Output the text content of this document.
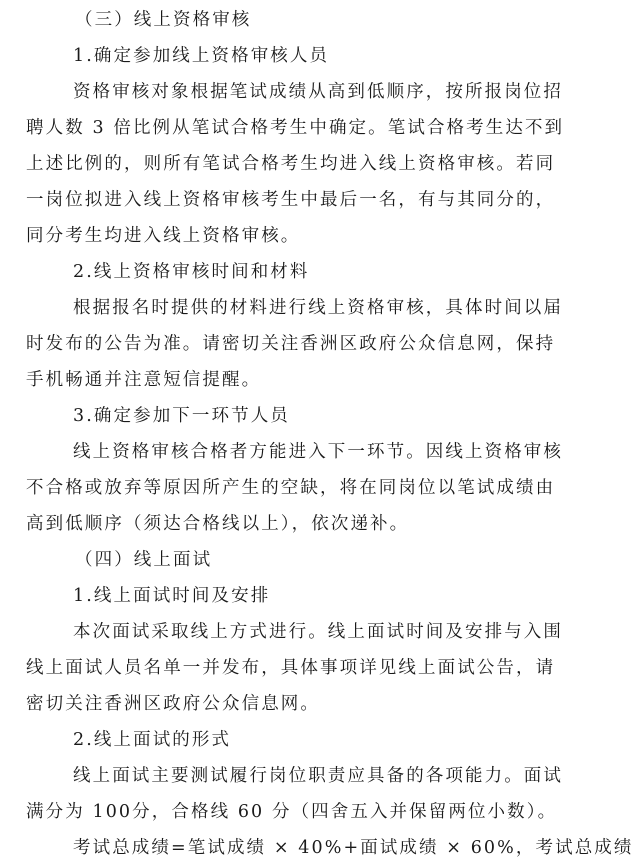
（三）线上资格审核
1.确定参加线上资格审核人员
资格审核对象根据笔试成绩从高到低顺序，按所报岗位招
聘人数 3 倍比例从笔试合格考生中确定。笔试合格考生达不到
上述比例的，则所有笔试合格考生均进入线上资格审核。若同
一岗位拟进入线上资格审核考生中最后一名，有与其同分的，
同分考生均进入线上资格审核。
2.线上资格审核时间和材料
根据报名时提供的材料进行线上资格审核，具体时间以届
时发布的公告为准。请密切关注香洲区政府公众信息网，保持
手机畅通并注意短信提醒。
3.确定参加下一环节人员
线上资格审核合格者方能进入下一环节。因线上资格审核
不合格或放弃等原因所产生的空缺，将在同岗位以笔试成绩由
高到低顺序（须达合格线以上），依次递补。
（四）线上面试
1.线上面试时间及安排
本次面试采取线上方式进行。线上面试时间及安排与入围
线上面试人员名单一并发布，具体事项详见线上面试公告，请
密切关注香洲区政府公众信息网。
2.线上面试的形式
线上面试主要测试履行岗位职责应具备的各项能力。面试
满分为 100分，合格线 60 分（四舍五入并保留两位小数）。
考试总成绩=笔试成绩 × 40%+面试成绩 × 60%，考试总成绩
